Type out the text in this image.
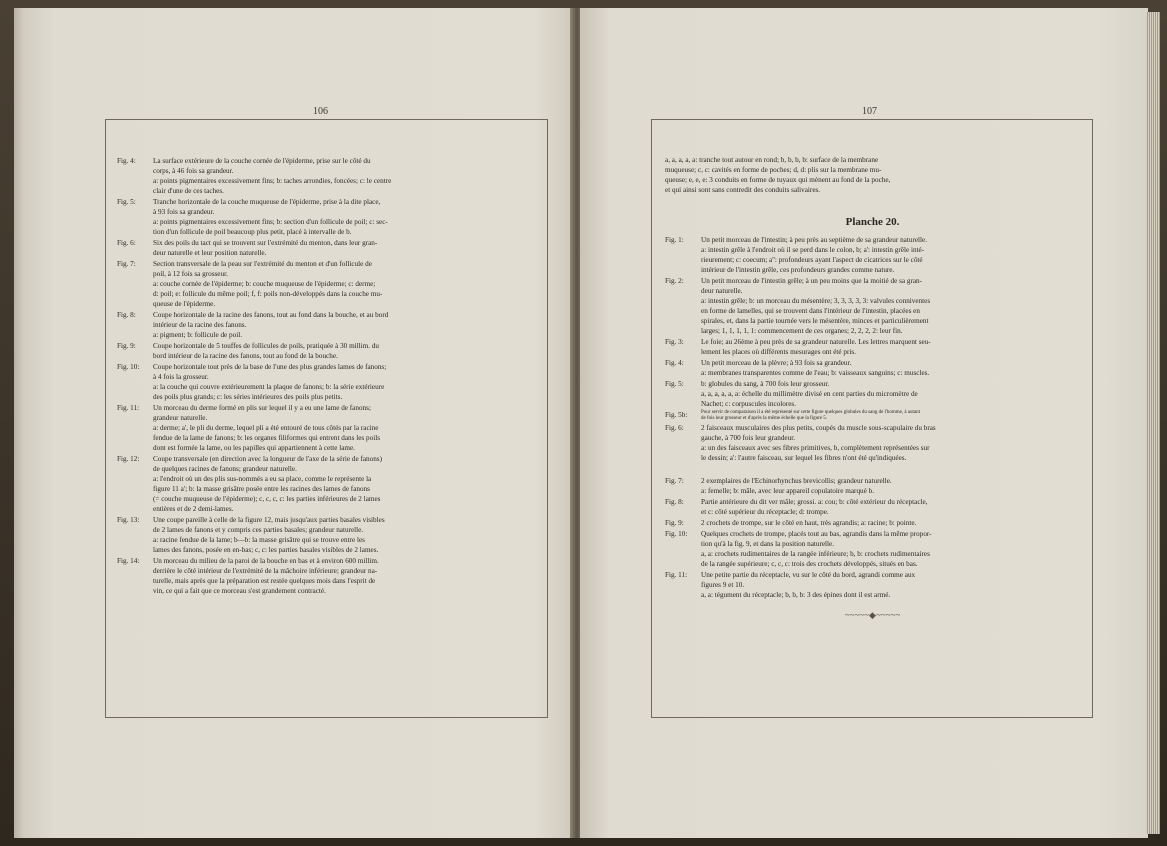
106	107
Fig. 4:	La surface extérieure de la couche cornée de l'épiderme, prise sur le côté du
corps, à 46 fois sa grandeur.
a: points pigmentaires excessivement fins; b: taches arrondies, foncées; c: le centre
clair d'une de ces taches.
Fig. 5:	Tranche horizontale de la couche muqueuse de l'épiderme, prise à la dite place,
à 93 fois sa grandeur.
a: points pigmentaires excessivement fins; b: section d'un follicule de poil; c: sec-
tion d'un follicule de poil beaucoup plus petit, placé à intervalle de b.
Fig. 6:	Six des poils du tact qui se trouvent sur l'extrémité du menton, dans leur gran-
deur naturelle et leur position naturelle.
Fig. 7:	Section transversale de la peau sur l'extrémité du menton et d'un follicule de
poil, à 12 fois sa grosseur.
a: couche cornée de l'épiderme; b: couche muqueuse de l'épiderme; c: derme;
d: poil; e: follicule du même poil; f, f: poils non-développés dans la couche mu-
queuse de l'épiderme.
Fig. 8:	Coupe horizontale de la racine des fanons, tout au fond dans la bouche, et au bord
intérieur de la racine des fanons.
a: pigment; b: follicule de poil.
Fig. 9:	Coupe horizontale de 5 touffes de follicules de poils, pratiquée à 30 millim. du
bord intérieur de la racine des fanons, tout au fond de la bouche.
Fig. 10:	Coupe horizontale tout près de la base de l'une des plus grandes lames de fanons;
à 4 fois la grosseur.
a: la couche qui couvre extérieurement la plaque de fanons; b: la série extérieure
des poils plus grands; c: les séries intérieures des poils plus petits.
Fig. 11:	Un morceau du derme formé en plis sur lequel il y a eu une lame de fanons;
grandeur naturelle.
a: derme; a', le pli du derme, lequel pli a été entouré de tous côtés par la racine
fendue de la lame de fanons; b: les organes filiformes qui entrent dans les poils
dont est formée la lame, ou les papilles qui appartiennent à cette lame.
Fig. 12:	Coupe transversale (en direction avec la longueur de l'axe de la série de fanons)
de quelques racines de fanons; grandeur naturelle.
a: l'endroit où un des plis sus-nommés a eu sa place, comme le représente la
figure 11 a'; b: la masse grisâtre posée entre les racines des lames de fanons
(= couche muqueuse de l'épiderme); c, c, c, c: les parties inférieures de 2 lames
entières et de 2 demi-lames.
Fig. 13:	Une coupe pareille à celle de la figure 12, mais jusqu'aux parties basales visibles
de 2 lames de fanons et y compris ces parties basales; grandeur naturelle.
a: racine fendue de la lame; b—b: la masse grisâtre qui se trouve entre les
lames des fanons, posée en en-bas; c, c: les parties basales visibles de 2 lames.
Fig. 14:	Un morceau du milieu de la paroi de la bouche en bas et à environ 600 millim.
derrière le côté intérieur de l'extrémité de la mâchoire inférieure; grandeur na-
turelle, mais après que la préparation est restée quelques mois dans l'esprit de
vin, ce qui a fait que ce morceau s'est grandement contracté.
a, a, a, a, a: tranche tout autour en rond; b, b, b, b: surface de la membrane
muqueuse; c, c: cavités en forme de poches; d, d: plis sur la membrane mu-
queuse; e, e, e: 3 conduits en forme de tuyaux qui mènent au fond de la poche,
et qui ainsi sont sans contredit des conduits salivaires.
Planche 20.
Fig. 1:	Un petit morceau de l'intestin; à peu près au septième de sa grandeur naturelle.
a: intestin grêle à l'endroit où il se perd dans le colon, b; a': intestin grêle inté-
rieurement; c: coecum; a'': profondeurs ayant l'aspect de cicatrices sur le côté
intérieur de l'intestin grêle, ces profondeurs grandes comme nature.
Fig. 2:	Un petit morceau de l'intestin grêle; à un peu moins que la moitié de sa gran-
deur naturelle.
a: intestin grêle; b: un morceau du mésentère; 3, 3, 3, 3, 3: valvules conniventes
en forme de lamelles, qui se trouvent dans l'intérieur de l'intestin, placées en
spirales, et, dans la partie tournée vers le mésentère, minces et particulièrement
larges; 1, 1, 1, 1, 1: commencement de ces organes; 2, 2, 2, 2: leur fin.
Fig. 3:	Le foie; au 26ème à peu près de sa grandeur naturelle. Les lettres marquent seu-
lement les places où différents mesurages ont été pris.
Fig. 4:	Un petit morceau de la plèvre; à 93 fois sa grandeur.
a: membranes transparentes comme de l'eau; b: vaisseaux sanguins; c: muscles.
Fig. 5:	b: globules du sang, à 700 fois leur grosseur.
a, a, a, a, a, a: échelle du millimètre divisé en cent parties du micromètre de
Nachet; c: corpuscules incolores.
Fig. 5b:	Pour servir de comparaison il a été représenté sur cette figure quelques globules du sang de l'homme, à autant
de fois leur grosseur et d'après la même échelle que la figure 5.
Fig. 6:	2 faisceaux musculaires des plus petits, coupés du muscle sous-scapulaire du bras
gauche, à 700 fois leur grandeur.
a: un des faisceaux avec ses fibres primitives, b, complètement représentées sur
le dessin; a': l'autre faisceau, sur lequel les fibres n'ont été qu'indiquées.
Fig. 7:	2 exemplaires de l'Echinorhynchus brevicollis; grandeur naturelle.
a: femelle; b: mâle, avec leur appareil copulatoire marqué b.
Fig. 8:	Partie antérieure du dit ver mâle; grossi. a: cou; b: côté extérieur du réceptacle,
et c: côté supérieur du réceptacle; d: trompe.
Fig. 9:	2 crochets de trompe, sur le côté en haut, très agrandis; a: racine; b: pointe.
Fig. 10:	Quelques crochets de trompe, placés tout au bas, agrandis dans la même propor-
tion qu'à la fig. 9, et dans la position naturelle.
a, a: crochets rudimentaires de la rangée inférieure; b, b: crochets rudimentaires
de la rangée supérieure; c, c, c: trois des crochets développés, situés en bas.
Fig. 11:	Une petite partie du réceptacle, vu sur le côté du bord, agrandi comme aux
figures 9 et 10.
a, a: tégument du réceptacle; b, b, b: 3 des épines dont il est armé.
~~~~~◆~~~~~
